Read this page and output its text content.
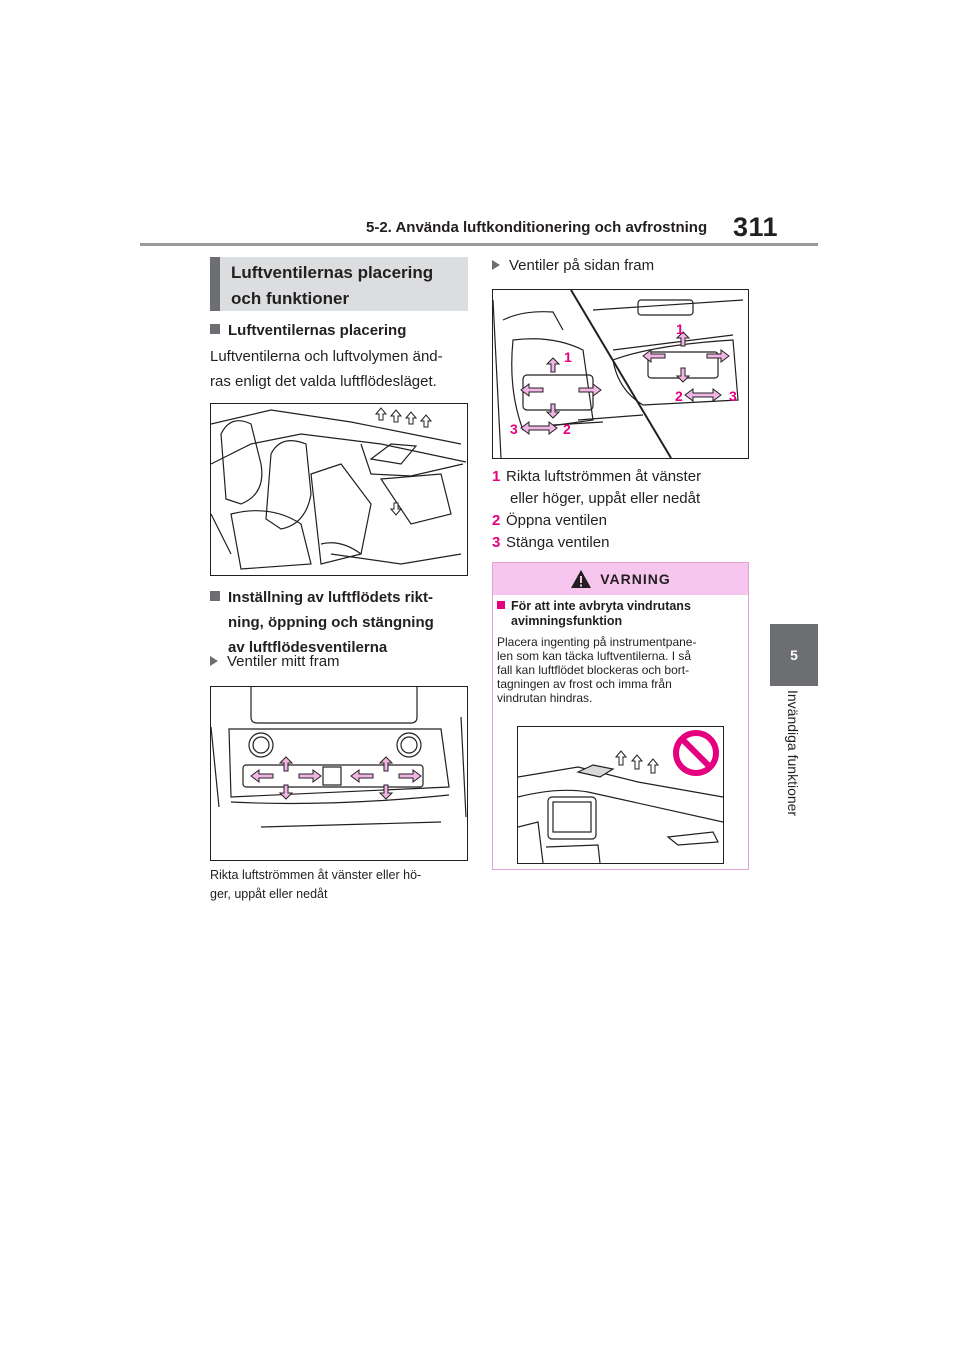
5-2. Använda luftkonditionering och avfrostning 311
5
Invändiga funktioner
Luftventilernas placering
och funktioner
Luftventilernas placering
Luftventilerna och luftvolymen änd-
ras enligt det valda luftflödesläget.
Inställning av luftflödets rikt-
ning, öppning och stängning
av luftflödesventilerna
Ventiler mitt fram
Rikta luftströmmen åt vänster eller hö-
ger, uppåt eller nedåt
Ventiler på sidan fram
1
1
2	3
3	2
1 Rikta luftströmmen åt vänster
eller höger, uppåt eller nedåt
2 Öppna ventilen
3 Stänga ventilen
VARNING
För att inte avbryta vindrutans
avimningsfunktion
Placera ingenting på instrumentpane-
len som kan täcka luftventilerna. I så
fall kan luftflödet blockeras och bort-
tagningen av frost och imma från
vindrutan hindras.
